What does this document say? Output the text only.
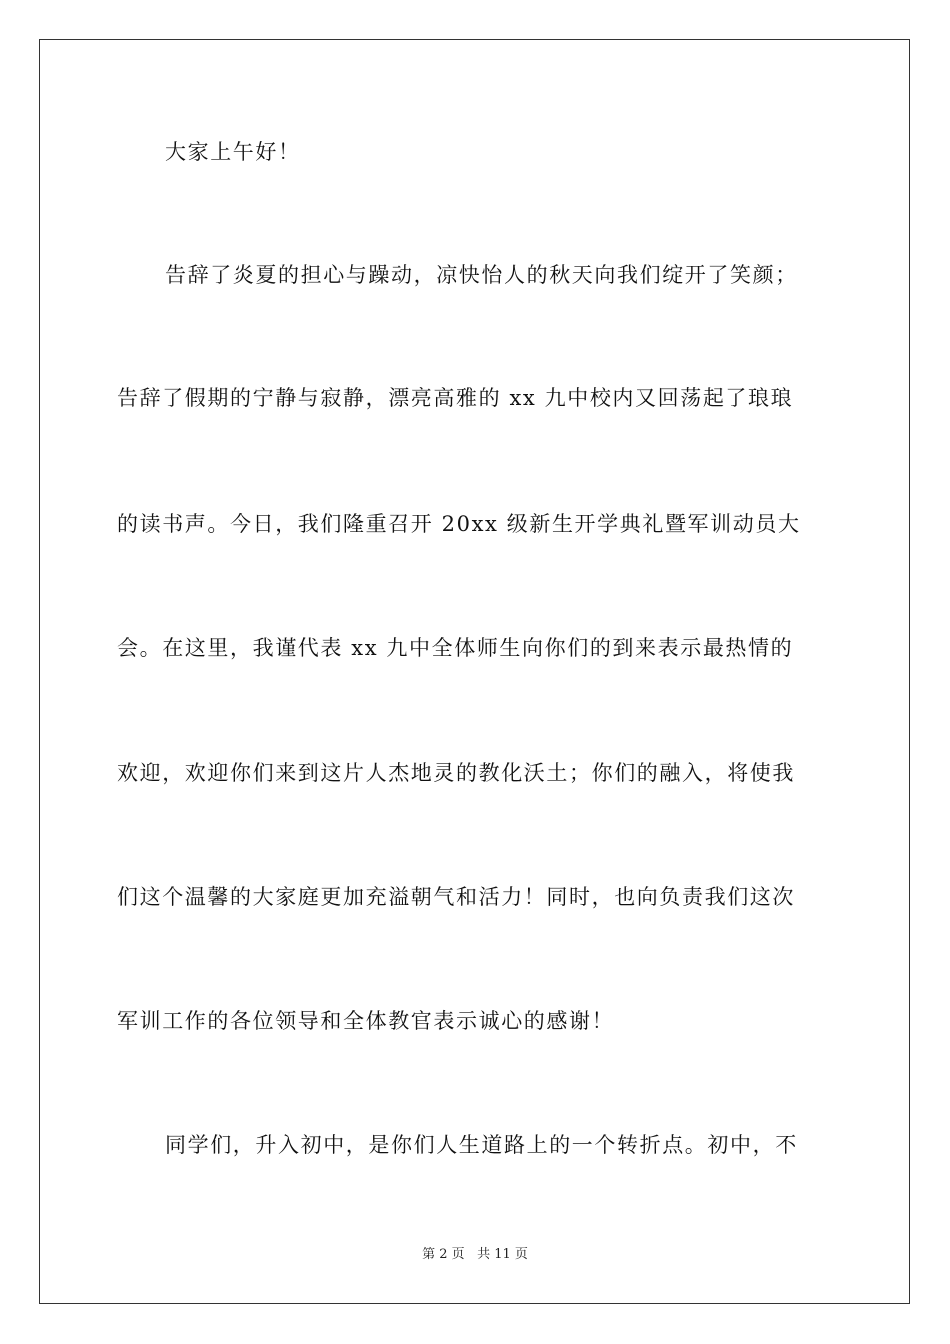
大家上午好！
告辞了炎夏的担心与躁动，凉快怡人的秋天向我们绽开了笑颜；
告辞了假期的宁静与寂静，漂亮高雅的 xx 九中校内又回荡起了琅琅
的读书声。今日，我们隆重召开 20xx 级新生开学典礼暨军训动员大
会。在这里，我谨代表 xx 九中全体师生向你们的到来表示最热情的
欢迎，欢迎你们来到这片人杰地灵的教化沃土；你们的融入，将使我
们这个温馨的大家庭更加充溢朝气和活力！同时，也向负责我们这次
军训工作的各位领导和全体教官表示诚心的感谢！
同学们，升入初中，是你们人生道路上的一个转折点。初中，不
第 2 页 共 11 页
